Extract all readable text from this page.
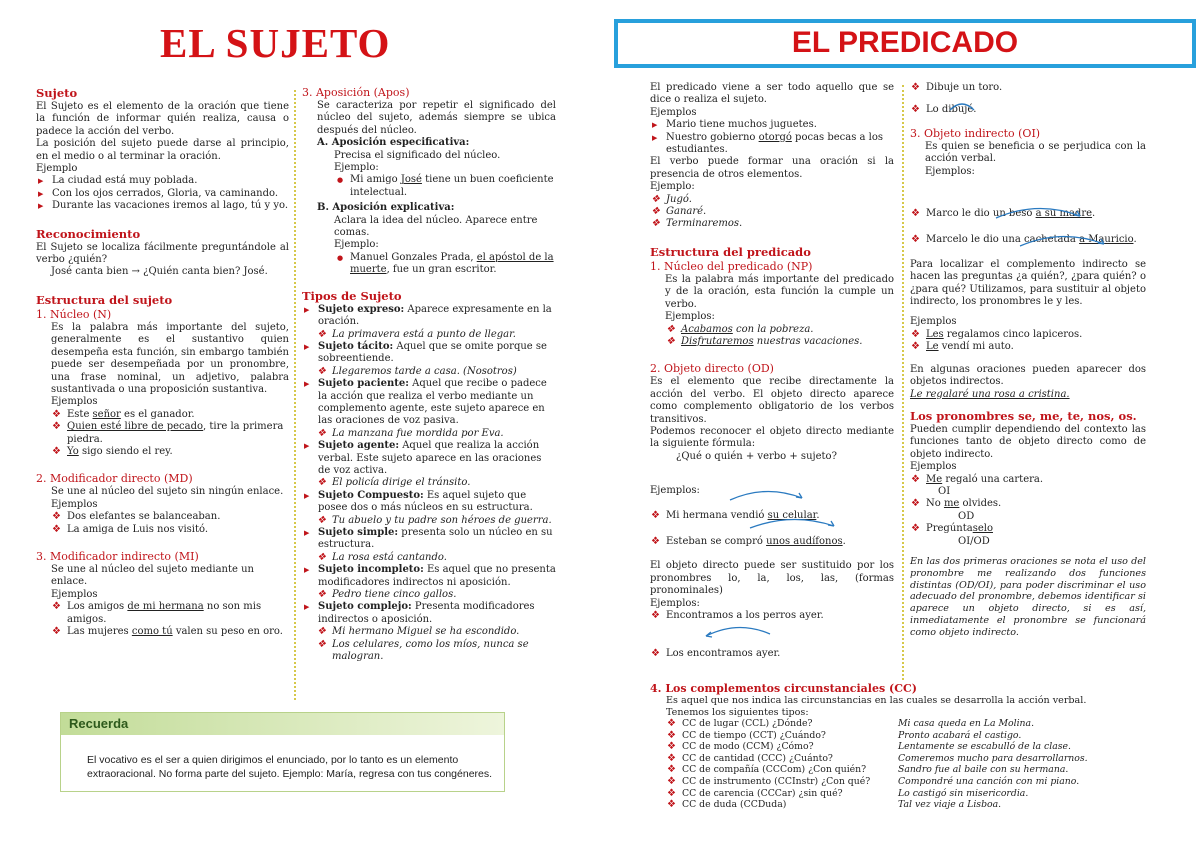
EL SUJETO	EL PREDICADO
Sujeto
El Sujeto es el elemento de la oración que tiene la función de informar quién realiza, causa o padece la acción del verbo.
La posición del sujeto puede darse al principio, en el medio o al terminar la oración.
Ejemplo
▶ La ciudad está muy poblada.
▶ Con los ojos cerrados, Gloria, va caminando.
▶ Durante las vacaciones iremos al lago, tú y yo.
Reconocimiento
El Sujeto se localiza fácilmente preguntándole al verbo ¿quién?
José canta bien → ¿Quién canta bien? José.
Estructura del sujeto
1. Núcleo (N)
Es la palabra más importante del sujeto, generalmente es el sustantivo quien desempeña esta función, sin embargo también puede ser desempeñada por un pronombre, una frase nominal, un adjetivo, palabra sustantivada o una proposición sustantiva.
Ejemplos
❖ Este señor es el ganador.
❖ Quien esté libre de pecado, tire la primera piedra.
❖ Yo sigo siendo el rey.
2. Modificador directo (MD)
Se une al núcleo del sujeto sin ningún enlace.
Ejemplos
❖ Dos elefantes se balanceaban.
❖ La amiga de Luis nos visitó.
3. Modificador indirecto (MI)
Se une al núcleo del sujeto mediante un enlace.
Ejemplos
❖ Los amigos de mi hermana no son mis amigos.
❖ Las mujeres como tú valen su peso en oro.
3. Aposición (Apos)
Se caracteriza por repetir el significado del núcleo del sujeto, además siempre se ubica después del núcleo.
A. Aposición especificativa:
Precisa el significado del núcleo.
Ejemplo:
● Mi amigo José tiene un buen coeficiente intelectual.
B. Aposición explicativa:
Aclara la idea del núcleo. Aparece entre comas.
Ejemplo:
● Manuel Gonzales Prada, el apóstol de la muerte, fue un gran escritor.
Tipos de Sujeto
▶ Sujeto expreso: Aparece expresamente en la oración.
❖ La primavera está a punto de llegar.
▶ Sujeto tácito: Aquel que se omite porque se sobreentiende.
❖ Llegaremos tarde a casa. (Nosotros)
▶ Sujeto paciente: Aquel que recibe o padece la acción que realiza el verbo mediante un complemento agente, este sujeto aparece en las oraciones de voz pasiva.
❖ La manzana fue mordida por Eva.
▶ Sujeto agente: Aquel que realiza la acción verbal. Este sujeto aparece en las oraciones de voz activa.
❖ El policía dirige el tránsito.
▶ Sujeto Compuesto: Es aquel sujeto que posee dos o más núcleos en su estructura.
❖ Tu abuelo y tu padre son héroes de guerra.
▶ Sujeto simple: presenta solo un núcleo en su estructura.
❖ La rosa está cantando.
▶ Sujeto incompleto: Es aquel que no presenta modificadores indirectos ni aposición.
❖ Pedro tiene cinco gallos.
▶ Sujeto complejo: Presenta modificadores indirectos o aposición.
❖ Mi hermano Miguel se ha escondido.
❖ Los celulares, como los míos, nunca se malogran.
Recuerda
El vocativo es el ser a quien dirigimos el enunciado, por lo tanto es un elemento extraoracional. No forma parte del sujeto. Ejemplo: María, regresa con tus congéneres.
El predicado viene a ser todo aquello que se dice o realiza el sujeto.
Ejemplos
▶ Mario tiene muchos juguetes.
▶ Nuestro gobierno otorgó pocas becas a los estudiantes.
El verbo puede formar una oración si la presencia de otros elementos.
Ejemplo:
❖ Jugó.
❖ Ganaré.
❖ Terminaremos.
Estructura del predicado
1. Núcleo del predicado (NP)
Es la palabra más importante del predicado y de la oración, esta función la cumple un verbo.
Ejemplos:
❖ Acabamos con la pobreza.
❖ Disfrutaremos nuestras vacaciones.
2. Objeto directo (OD)
Es el elemento que recibe directamente la acción del verbo. El objeto directo aparece como complemento obligatorio de los verbos transitivos.
Podemos reconocer el objeto directo mediante la siguiente fórmula:
¿Qué o quién + verbo + sujeto?
Ejemplos:
❖ Mi hermana vendió su celular.
❖ Esteban se compró unos audífonos.
El objeto directo puede ser sustituido por los pronombres lo, la, los, las, (formas pronominales)
Ejemplos:
❖ Encontramos a los perros ayer.
❖ Los encontramos ayer.
❖ Dibuje un toro.
❖ Lo dibujé.
3. Objeto indirecto (OI)
Es quien se beneficia o se perjudica con la acción verbal.
Ejemplos:
❖ Marco le dio un beso a su madre.
❖ Marcelo le dio una cachetada a Mauricio.
Para localizar el complemento indirecto se hacen las preguntas ¿a quién?, ¿para quién? o ¿para qué? Utilizamos, para sustituir al objeto indirecto, los pronombres le y les.
Ejemplos
❖ Les regalamos cinco lapiceros.
❖ Le vendí mi auto.
En algunas oraciones pueden aparecer dos objetos indirectos.
Le regalaré una rosa a cristina.
Los pronombres se, me, te, nos, os.
Pueden cumplir dependiendo del contexto las funciones tanto de objeto directo como de objeto indirecto.
Ejemplos
❖ Me regaló una cartera.
OI
❖ No me olvides.
OD
❖ Pregúntaselo
OI/OD
En las dos primeras oraciones se nota el uso del pronombre me realizando dos funciones distintas (OD/OI), para poder discriminar el uso adecuado del pronombre, debemos identificar si aparece un objeto directo, si es así, inmediatamente el pronombre se funcionará como objeto indirecto.
4. Los complementos circunstanciales (CC)
Es aquel que nos indica las circunstancias en las cuales se desarrolla la acción verbal.
Tenemos los siguientes tipos:
❖ CC de lugar (CCL) ¿Dónde?
❖ CC de tiempo (CCT) ¿Cuándo?
❖ CC de modo (CCM) ¿Cómo?
❖ CC de cantidad (CCC) ¿Cuánto?
❖ CC de compañía (CCCom) ¿Con quién?
❖ CC de instrumento (CCInstr) ¿Con qué?
❖ CC de carencia (CCCar) ¿sin qué?
❖ CC de duda (CCDuda)
Mi casa queda en La Molina.
Pronto acabará el castigo.
Lentamente se escabulló de la clase.
Comeremos mucho para desarrollarnos.
Sandro fue al baile con su hermana.
Compondré una canción con mi piano.
Lo castigó sin misericordia.
Tal vez viaje a Lisboa.
